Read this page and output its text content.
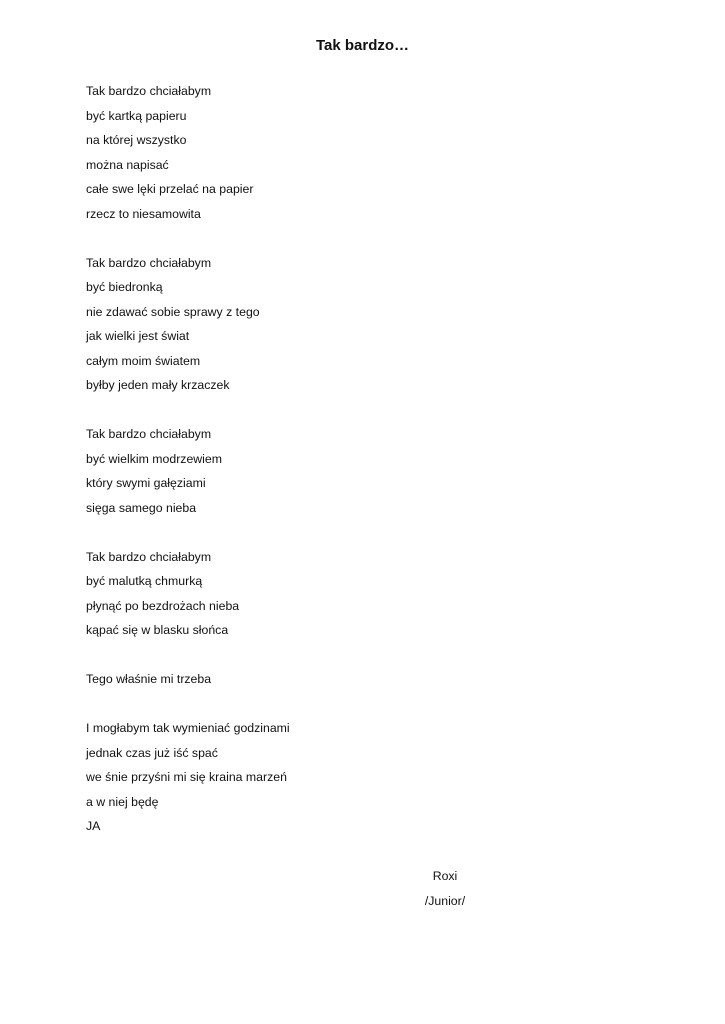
Tak bardzo…
Tak bardzo chciałabym
być kartką papieru
na której wszystko
można napisać
całe swe lęki przelać na papier
rzecz to niesamowita
Tak bardzo chciałabym
być biedronką
nie zdawać sobie sprawy z tego
jak wielki jest świat
całym moim światem
byłby jeden mały krzaczek
Tak bardzo chciałabym
być wielkim modrzewiem
który swymi gałęziami
sięga samego nieba
Tak bardzo chciałabym
być malutką chmurką
płynąć po bezdrożach nieba
kąpać się w blasku słońca
Tego właśnie mi trzeba
I mogłabym tak wymieniać godzinami
jednak czas już iść spać
we śnie przyśni mi się kraina marzeń
a w niej będę
JA
Roxi
/Junior/
